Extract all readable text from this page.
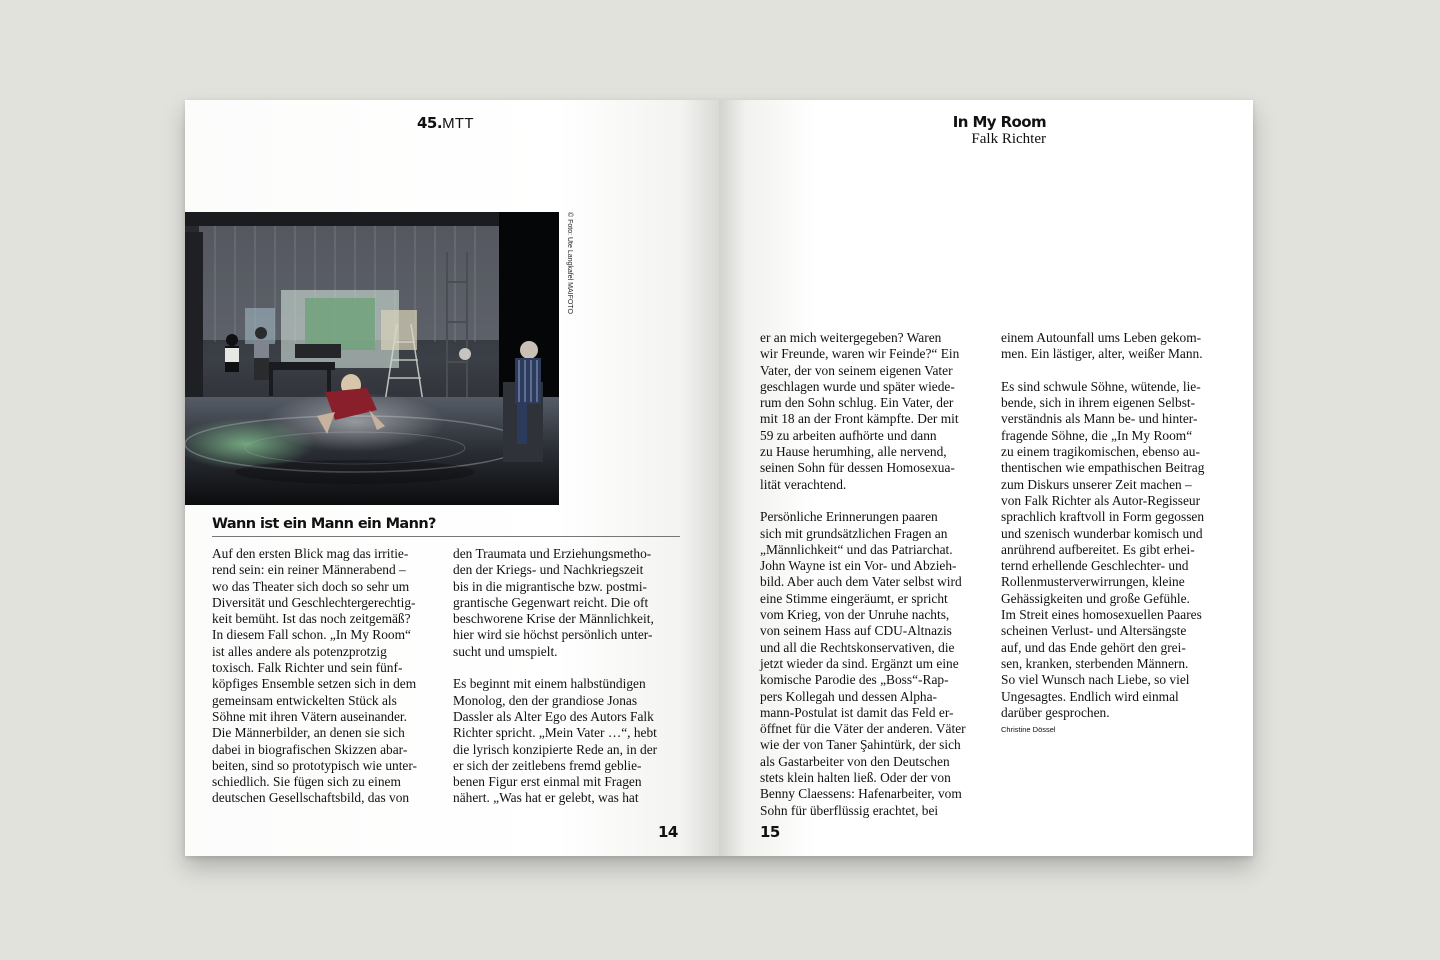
45.MTT
© Foto: Ute Langkafel MAIFOTO
Wann ist ein Mann ein Mann?
Auf den ersten Blick mag das irritie-
rend sein: ein reiner Männerabend –
wo das Theater sich doch so sehr um
Diversität und Geschlechtergerechtig-
keit bemüht. Ist das noch zeitgemäß?
In diesem Fall schon. „In My Room“
ist alles andere als potenzprotzig
toxisch. Falk Richter und sein fünf-
köpfiges Ensemble setzen sich in dem
gemeinsam entwickelten Stück als
Söhne mit ihren Vätern auseinander.
Die Männerbilder, an denen sie sich
dabei in biografischen Skizzen abar-
beiten, sind so prototypisch wie unter-
schiedlich. Sie fügen sich zu einem
deutschen Gesellschaftsbild, das von
den Traumata und Erziehungsmetho-
den der Kriegs- und Nachkriegszeit
bis in die migrantische bzw. postmi-
grantische Gegenwart reicht. Die oft
beschworene Krise der Männlichkeit,
hier wird sie höchst persönlich unter-
sucht und umspielt.
Es beginnt mit einem halbstündigen
Monolog, den der grandiose Jonas
Dassler als Alter Ego des Autors Falk
Richter spricht. „Mein Vater …“, hebt
die lyrisch konzipierte Rede an, in der
er sich der zeitlebens fremd geblie-
benen Figur erst einmal mit Fragen
nähert. „Was hat er gelebt, was hat
14
In My Room
Falk Richter
er an mich weitergegeben? Waren
wir Freunde, waren wir Feinde?“ Ein
Vater, der von seinem eigenen Vater
geschlagen wurde und später wiede-
rum den Sohn schlug. Ein Vater, der
mit 18 an der Front kämpfte. Der mit
59 zu arbeiten aufhörte und dann
zu Hause herumhing, alle nervend,
seinen Sohn für dessen Homosexua-
lität verachtend.
Persönliche Erinnerungen paaren
sich mit grundsätzlichen Fragen an
„Männlichkeit“ und das Patriarchat.
John Wayne ist ein Vor- und Abzieh-
bild. Aber auch dem Vater selbst wird
eine Stimme eingeräumt, er spricht
vom Krieg, von der Unruhe nachts,
von seinem Hass auf CDU-Altnazis
und all die Rechtskonservativen, die
jetzt wieder da sind. Ergänzt um eine
komische Parodie des „Boss“-Rap-
pers Kollegah und dessen Alpha-
mann-Postulat ist damit das Feld er-
öffnet für die Väter der anderen. Väter
wie der von Taner Şahintürk, der sich
als Gastarbeiter von den Deutschen
stets klein halten ließ. Oder der von
Benny Claessens: Hafenarbeiter, vom
Sohn für überflüssig erachtet, bei
einem Autounfall ums Leben gekom-
men. Ein lästiger, alter, weißer Mann.
Es sind schwule Söhne, wütende, lie-
bende, sich in ihrem eigenen Selbst-
verständnis als Mann be- und hinter-
fragende Söhne, die „In My Room“
zu einem tragikomischen, ebenso au-
thentischen wie empathischen Beitrag
zum Diskurs unserer Zeit machen –
von Falk Richter als Autor-Regisseur
sprachlich kraftvoll in Form gegossen
und szenisch wunderbar komisch und
anrührend aufbereitet. Es gibt erhei-
ternd erhellende Geschlechter- und
Rollenmusterverwirrungen, kleine
Gehässigkeiten und große Gefühle.
Im Streit eines homosexuellen Paares
scheinen Verlust- und Altersängste
auf, und das Ende gehört den grei-
sen, kranken, sterbenden Männern.
So viel Wunsch nach Liebe, so viel
Ungesagtes. Endlich wird einmal
darüber gesprochen.
Christine Dössel
15
